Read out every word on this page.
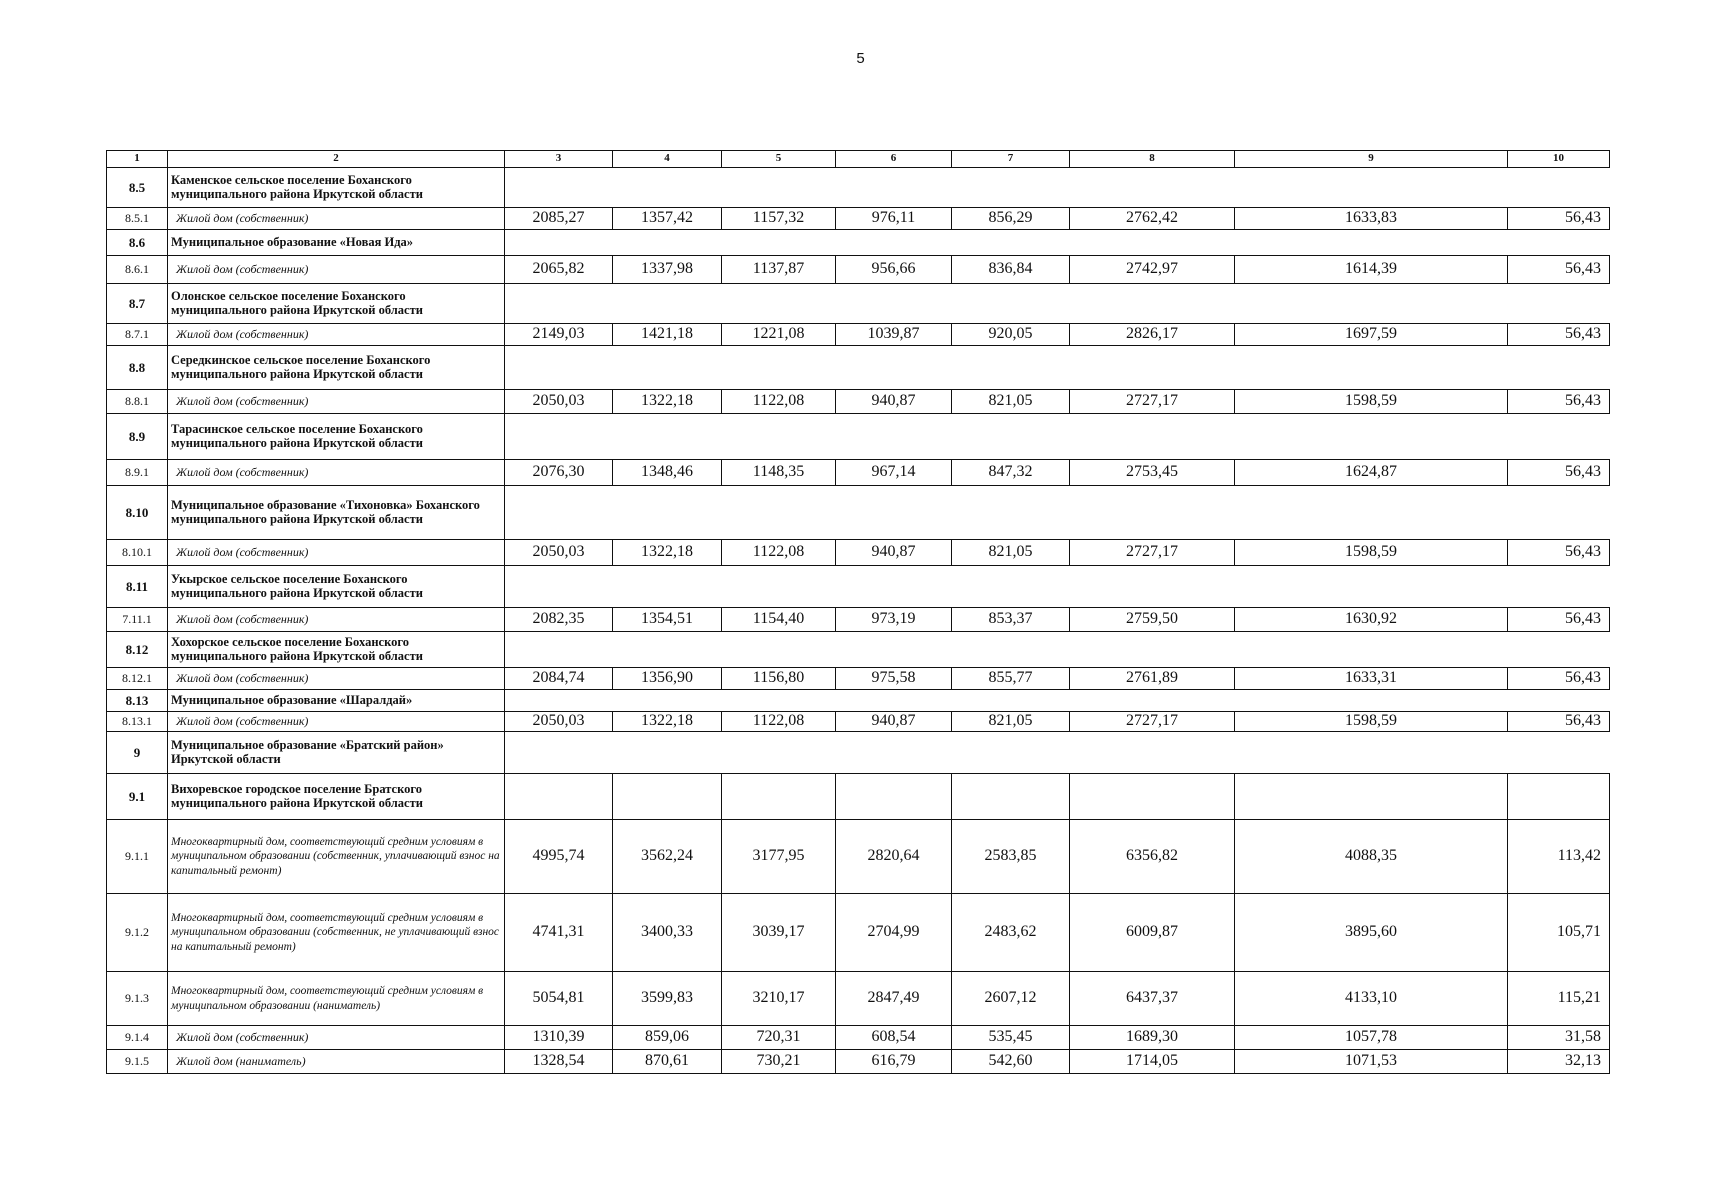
5
1	2	3	4	5	6	7	8	9	10
8.5	Каменское сельское поселение Боханского муниципального района Иркутской области								
8.5.1	Жилой дом (собственник)	2085,27	1357,42	1157,32	976,11	856,29	2762,42	1633,83	56,43
8.6	Муниципальное образование «Новая Ида»								
8.6.1	Жилой дом (собственник)	2065,82	1337,98	1137,87	956,66	836,84	2742,97	1614,39	56,43
8.7	Олонское сельское поселение Боханского муниципального района Иркутской области								
8.7.1	Жилой дом (собственник)	2149,03	1421,18	1221,08	1039,87	920,05	2826,17	1697,59	56,43
8.8	Середкинское сельское поселение Боханского муниципального района Иркутской области								
8.8.1	Жилой дом (собственник)	2050,03	1322,18	1122,08	940,87	821,05	2727,17	1598,59	56,43
8.9	Тарасинское сельское поселение Боханского муниципального района Иркутской области								
8.9.1	Жилой дом (собственник)	2076,30	1348,46	1148,35	967,14	847,32	2753,45	1624,87	56,43
8.10	Муниципальное образование «Тихоновка» Боханского муниципального района Иркутской области								
8.10.1	Жилой дом (собственник)	2050,03	1322,18	1122,08	940,87	821,05	2727,17	1598,59	56,43
8.11	Укырское сельское поселение Боханского муниципального района Иркутской области								
7.11.1	Жилой дом (собственник)	2082,35	1354,51	1154,40	973,19	853,37	2759,50	1630,92	56,43
8.12	Хохорское сельское поселение Боханского муниципального района Иркутской области								
8.12.1	Жилой дом (собственник)	2084,74	1356,90	1156,80	975,58	855,77	2761,89	1633,31	56,43
8.13	Муниципальное образование «Шаралдай»								
8.13.1	Жилой дом (собственник)	2050,03	1322,18	1122,08	940,87	821,05	2727,17	1598,59	56,43
9	Муниципальное образование «Братский район» Иркутской области								
9.1	Вихоревское городское поселение Братского муниципального района Иркутской области								
9.1.1	Многоквартирный дом, соответствующий средним условиям в муниципальном образовании (собственник, уплачивающий взнос на капитальный ремонт)	4995,74	3562,24	3177,95	2820,64	2583,85	6356,82	4088,35	113,42
9.1.2	Многоквартирный дом, соответствующий средним условиям в муниципальном образовании (собственник, не уплачивающий взнос на капитальный ремонт)	4741,31	3400,33	3039,17	2704,99	2483,62	6009,87	3895,60	105,71
9.1.3	Многоквартирный дом, соответствующий средним условиям в муниципальном образовании (наниматель)	5054,81	3599,83	3210,17	2847,49	2607,12	6437,37	4133,10	115,21
9.1.4	Жилой дом (собственник)	1310,39	859,06	720,31	608,54	535,45	1689,30	1057,78	31,58
9.1.5	Жилой дом (наниматель)	1328,54	870,61	730,21	616,79	542,60	1714,05	1071,53	32,13
